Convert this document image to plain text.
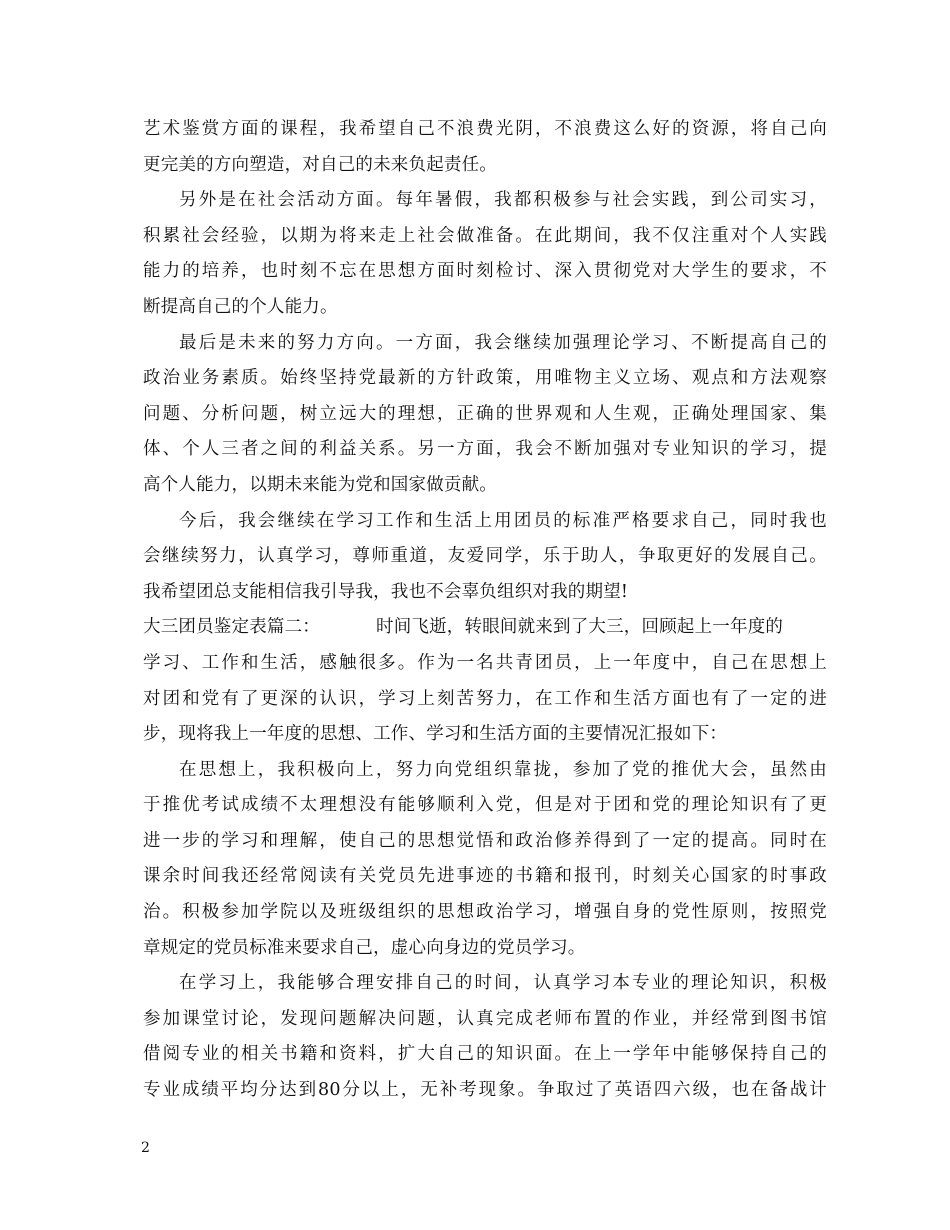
艺术鉴赏方面的课程，我希望自己不浪费光阴，不浪费这么好的资源，将自己向
更完美的方向塑造，对自己的未来负起责任。
另外是在社会活动方面。每年暑假，我都积极参与社会实践，到公司实习，
积累社会经验，以期为将来走上社会做准备。在此期间，我不仅注重对个人实践
能力的培养，也时刻不忘在思想方面时刻检讨、深入贯彻党对大学生的要求，不
断提高自己的个人能力。
最后是未来的努力方向。一方面，我会继续加强理论学习、不断提高自己的
政治业务素质。始终坚持党最新的方针政策，用唯物主义立场、观点和方法观察
问题、分析问题，树立远大的理想，正确的世界观和人生观，正确处理国家、集
体、个人三者之间的利益关系。另一方面，我会不断加强对专业知识的学习，提
高个人能力，以期未来能为党和国家做贡献。
今后，我会继续在学习工作和生活上用团员的标准严格要求自己，同时我也
会继续努力，认真学习，尊师重道，友爱同学，乐于助人，争取更好的发展自己。
我希望团总支能相信我引导我，我也不会辜负组织对我的期望!
大三团员鉴定表篇二：	时间飞逝，转眼间就来到了大三，回顾起上一年度的
学习、工作和生活，感触很多。作为一名共青团员，上一年度中，自己在思想上
对团和党有了更深的认识，学习上刻苦努力，在工作和生活方面也有了一定的进
步，现将我上一年度的思想、工作、学习和生活方面的主要情况汇报如下：
在思想上，我积极向上，努力向党组织靠拢，参加了党的推优大会，虽然由
于推优考试成绩不太理想没有能够顺利入党，但是对于团和党的理论知识有了更
进一步的学习和理解，使自己的思想觉悟和政治修养得到了一定的提高。同时在
课余时间我还经常阅读有关党员先进事迹的书籍和报刊，时刻关心国家的时事政
治。积极参加学院以及班级组织的思想政治学习，增强自身的党性原则，按照党
章规定的党员标准来要求自己，虚心向身边的党员学习。
在学习上，我能够合理安排自己的时间，认真学习本专业的理论知识，积极
参加课堂讨论，发现问题解决问题，认真完成老师布置的作业，并经常到图书馆
借阅专业的相关书籍和资料，扩大自己的知识面。在上一学年中能够保持自己的
专业成绩平均分达到80分以上，无补考现象。争取过了英语四六级，也在备战计
2
